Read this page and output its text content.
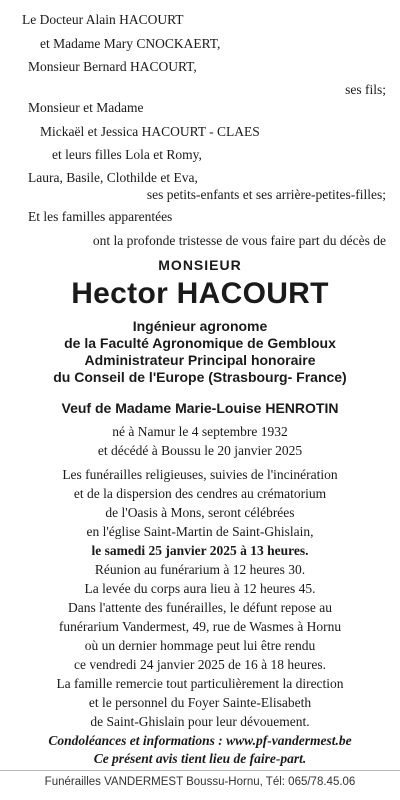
Le Docteur Alain HACOURT
et Madame Mary CNOCKAERT,
Monsieur Bernard HACOURT,
ses fils;
Monsieur et Madame
Mickaël et Jessica HACOURT - CLAES
et leurs filles Lola et Romy,
Laura, Basile, Clothilde et Eva,
ses petits-enfants et ses arrière-petites-filles;
Et les familles apparentées
ont la profonde tristesse de vous faire part du décès de
MONSIEUR
Hector HACOURT
Ingénieur agronome
de la Faculté Agronomique de Gembloux
Administrateur Principal honoraire
du Conseil de l'Europe (Strasbourg- France)
Veuf de Madame Marie-Louise HENROTIN
né à Namur le 4 septembre 1932
et décédé à Boussu le 20 janvier 2025
Les funérailles religieuses, suivies de l'incinération
et de la dispersion des cendres au crématorium
de l'Oasis à Mons, seront célébrées
en l'église Saint-Martin de Saint-Ghislain,
le samedi 25 janvier 2025 à 13 heures.
Réunion au funérarium à 12 heures 30.
La levée du corps aura lieu à 12 heures 45.
Dans l'attente des funérailles, le défunt repose au
funérarium Vandermest, 49, rue de Wasmes à Hornu
où un dernier hommage peut lui être rendu
ce vendredi 24 janvier 2025 de 16 à 18 heures.
La famille remercie tout particulièrement la direction
et le personnel du Foyer Sainte-Elisabeth
de Saint-Ghislain pour leur dévouement.
Condoléances et informations : www.pf-vandermest.be
Ce présent avis tient lieu de faire-part.
Funérailles VANDERMEST Boussu-Hornu, Tél: 065/78.45.06
